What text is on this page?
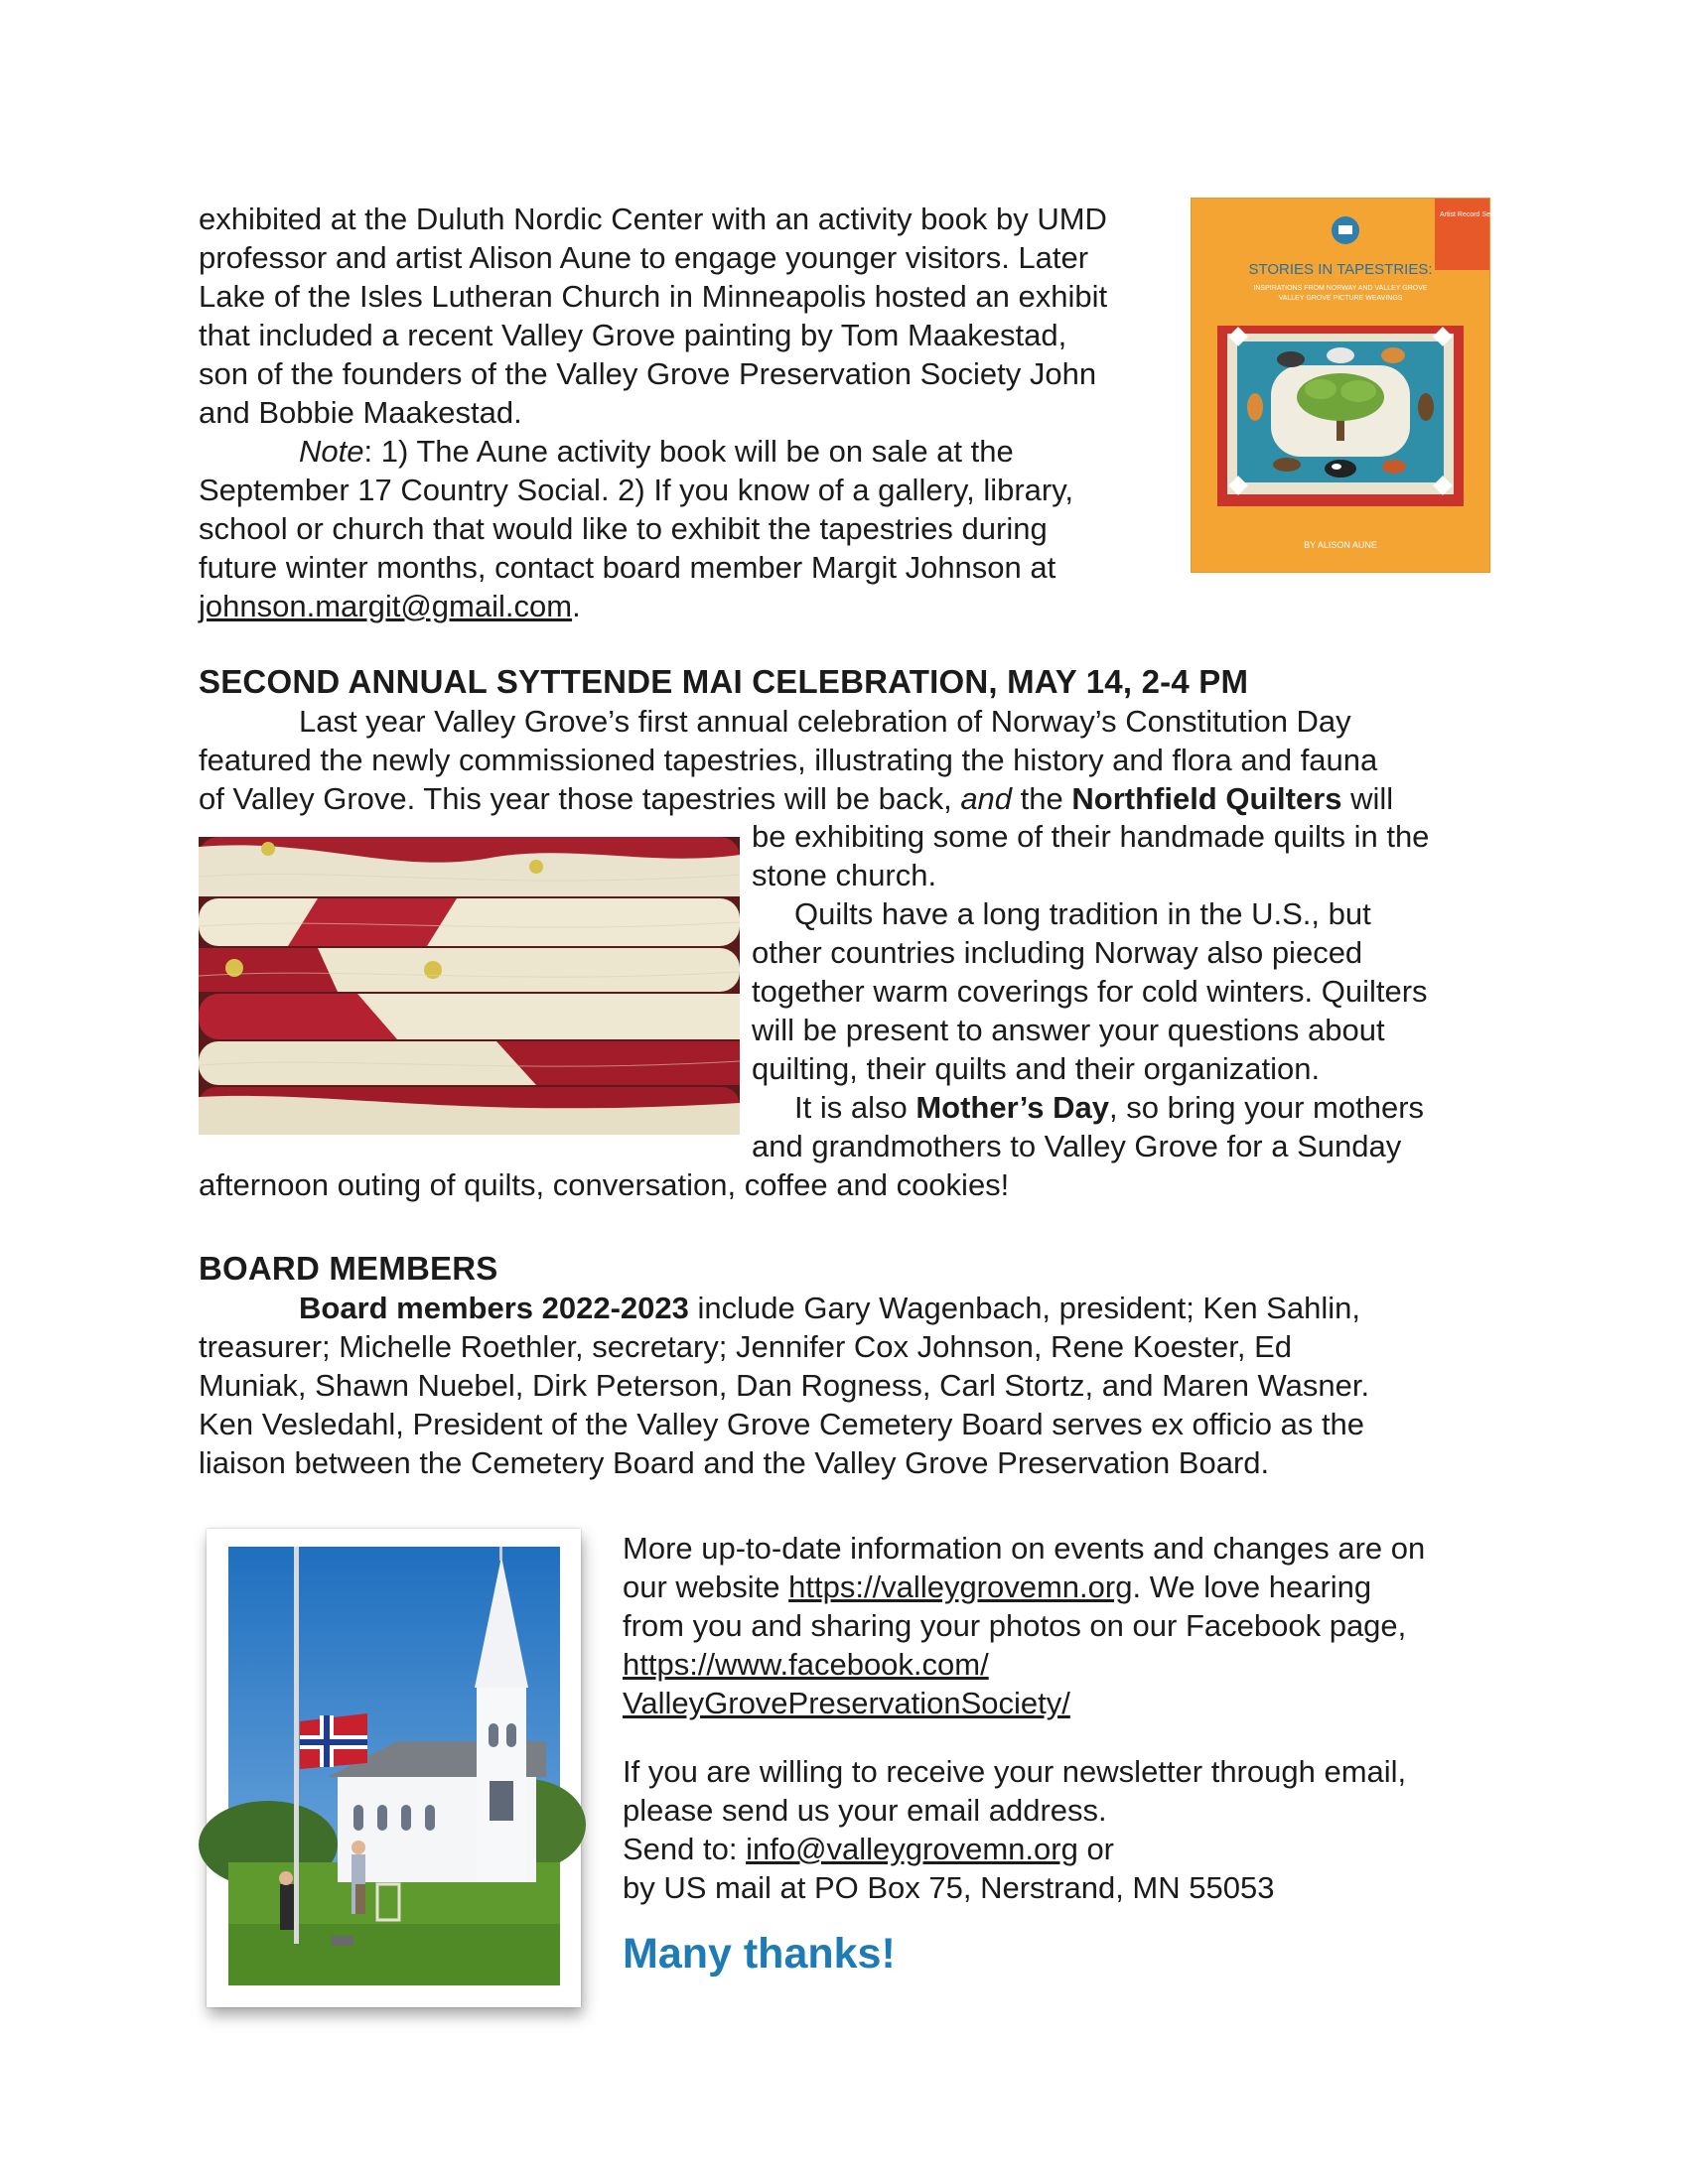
exhibited at the Duluth Nordic Center with an activity book by UMD

professor and artist Alison Aune to engage younger visitors. Later

Lake of the Isles Lutheran Church in Minneapolis hosted an exhibit

that included a recent Valley Grove painting by Tom Maakestad,

son of the founders of the Valley Grove Preservation Society John

and Bobbie Maakestad.

Note: 1) The Aune activity book will be on sale at the

September 17 Country Social. 2) If you know of a gallery, library,

school or church that would like to exhibit the tapestries during

future winter months, contact board member Margit Johnson at

johnson.margit@gmail.com.

Artist Record Series
STORIES IN TAPESTRIES:
INSPIRATIONS FROM NORWAY AND VALLEY GROVE
VALLEY GROVE PICTURE WEAVINGS
BY ALISON AUNE
SECOND ANNUAL SYTTENDE MAI CELEBRATION, MAY 14, 2-4 PM

Last year Valley Grove’s first annual celebration of Norway’s Constitution Day

featured the newly commissioned tapestries, illustrating the history and flora and fauna

of Valley Grove. This year those tapestries will be back, and the Northfield Quilters will

be exhibiting some of their handmade quilts in the

stone church.

Quilts have a long tradition in the U.S., but

other countries including Norway also pieced

together warm coverings for cold winters. Quilters

will be present to answer your questions about

quilting, their quilts and their organization.

It is also Mother’s Day, so bring your mothers

and grandmothers to Valley Grove for a Sunday

afternoon outing of quilts, conversation, coffee and cookies!

BOARD MEMBERS

Board members 2022-2023 include Gary Wagenbach, president; Ken Sahlin,

treasurer; Michelle Roethler, secretary; Jennifer Cox Johnson, Rene Koester, Ed

Muniak, Shawn Nuebel, Dirk Peterson, Dan Rogness, Carl Stortz, and Maren Wasner.

Ken Vesledahl, President of the Valley Grove Cemetery Board serves ex officio as the

liaison between the Cemetery Board and the Valley Grove Preservation Board.

More up-to-date information on events and changes are on

our website https://valleygrovemn.org. We love hearing

from you and sharing your photos on our Facebook page,

https://www.facebook.com/

ValleyGrovePreservationSociety/

If you are willing to receive your newsletter through email,

please send us your email address.

Send to: info@valleygrovemn.org or

by US mail at PO Box 75, Nerstrand, MN 55053

Many thanks!
